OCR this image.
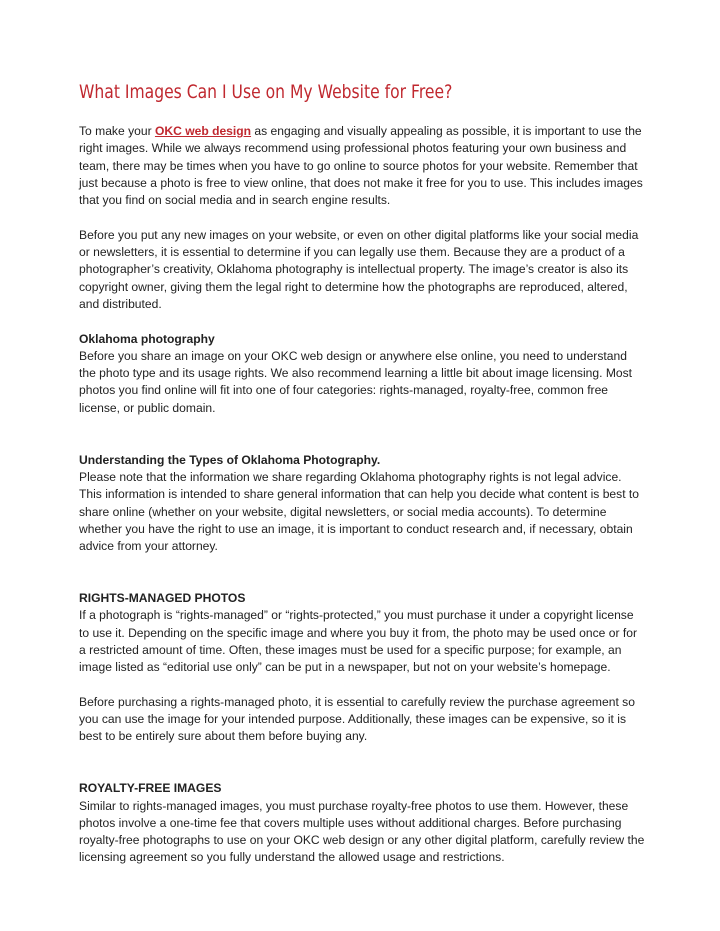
What Images Can I Use on My Website for Free?

To make your OKC web design as engaging and visually appealing as possible, it is important to use the right images. While we always recommend using professional photos featuring your own business and team, there may be times when you have to go online to source photos for your website. Remember that just because a photo is free to view online, that does not make it free for you to use. This includes images that you find on social media and in search engine results.

Before you put any new images on your website, or even on other digital platforms like your social media or newsletters, it is essential to determine if you can legally use them. Because they are a product of a photographer’s creativity, Oklahoma photography is intellectual property. The image’s creator is also its copyright owner, giving them the legal right to determine how the photographs are reproduced, altered, and distributed.

Oklahoma photography

Before you share an image on your OKC web design or anywhere else online, you need to understand the photo type and its usage rights. We also recommend learning a little bit about image licensing. Most photos you find online will fit into one of four categories: rights-managed, royalty-free, common free license, or public domain.

Understanding the Types of Oklahoma Photography.

Please note that the information we share regarding Oklahoma photography rights is not legal advice. This information is intended to share general information that can help you decide what content is best to share online (whether on your website, digital newsletters, or social media accounts). To determine whether you have the right to use an image, it is important to conduct research and, if necessary, obtain advice from your attorney.

RIGHTS-MANAGED PHOTOS

If a photograph is “rights-managed” or “rights-protected,” you must purchase it under a copyright license to use it. Depending on the specific image and where you buy it from, the photo may be used once or for a restricted amount of time. Often, these images must be used for a specific purpose; for example, an image listed as “editorial use only” can be put in a newspaper, but not on your website’s homepage.

Before purchasing a rights-managed photo, it is essential to carefully review the purchase agreement so you can use the image for your intended purpose. Additionally, these images can be expensive, so it is best to be entirely sure about them before buying any.

ROYALTY-FREE IMAGES

Similar to rights-managed images, you must purchase royalty-free photos to use them. However, these photos involve a one-time fee that covers multiple uses without additional charges. Before purchasing royalty-free photographs to use on your OKC web design or any other digital platform, carefully review the licensing agreement so you fully understand the allowed usage and restrictions.
